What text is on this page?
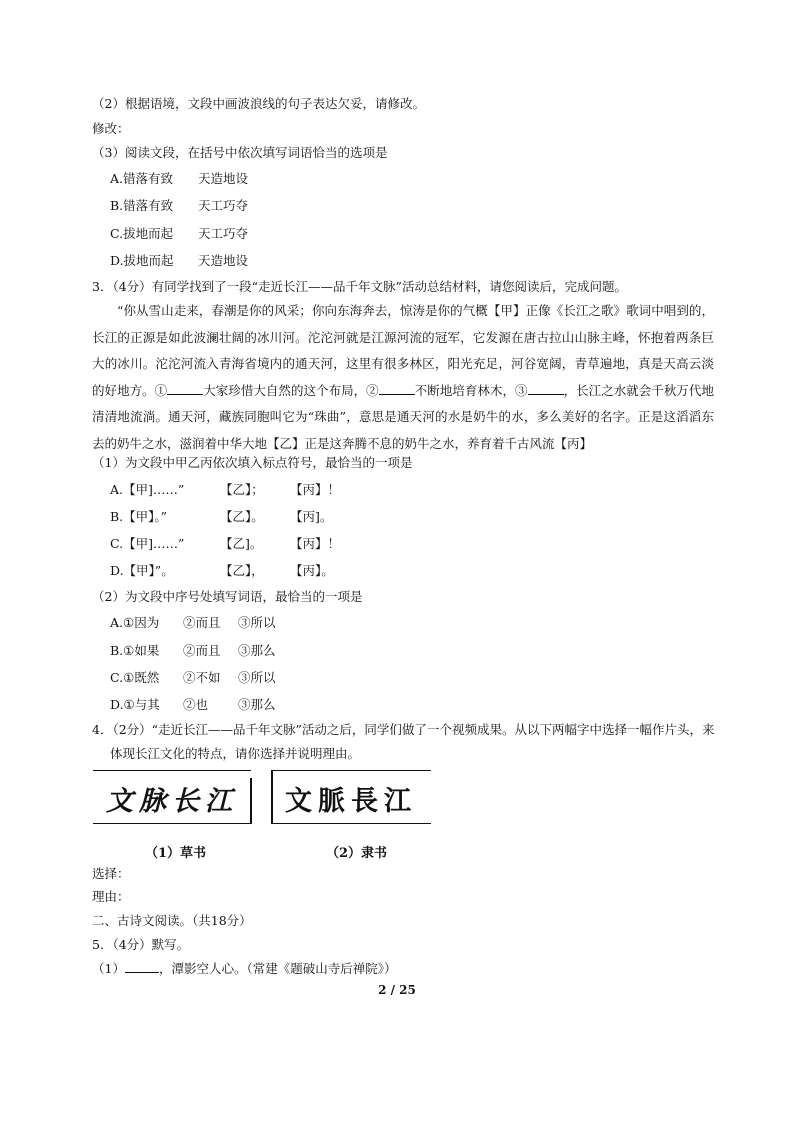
（2）根据语境，文段中画波浪线的句子表达欠妥，请修改。
修改：
（3）阅读文段，在括号中依次填写词语恰当的选项是
A.错落有致 天造地设
B.错落有致 天工巧夺
C.拔地而起 天工巧夺
D.拔地而起 天造地设
3．（4分）有同学找到了一段“走近长江——品千年文脉”活动总结材料，请您阅读后，完成问题。

“你从雪山走来，春潮是你的风采；你向东海奔去，惊涛是你的气概【甲】正像《长江之歌》歌词中唱到的，长江的正源是如此波澜壮阔的冰川河。沱沱河就是江源河流的冠军，它发源在唐古拉山山脉主峰，怀抱着两条巨大的冰川。沱沱河流入青海省境内的通天河，这里有很多林区，阳光充足，河谷宽阔，青草遍地，真是天高云淡的好地方。①	大家珍惜大自然的这个布局，②	不断地培育林木，③	，长江之水就会千秋万代地清清地流淌。通天河，藏族同胞叫它为“珠曲”，意思是通天河的水是奶牛的水，多么美好的名字。正是这滔滔东去的奶牛之水，滋润着中华大地【乙】正是这奔腾不息的奶牛之水，养育着千古风流【丙】

（1）为文段中甲乙丙依次填入标点符号，最恰当的一项是
A.【甲]……”	【乙】； 【丙】！
B.【甲】。”	【乙】。 【丙]。
C.【甲]……”	【乙]。 【丙】！
D.【甲】”。	【乙】， 【丙】。
（2）为文段中序号处填写词语，最恰当的一项是
A.①因为 ②而且 ③所以
B.①如果 ②而且 ③那么
C.①既然 ②不如 ③所以
D.①与其 ②也 ③那么
4．（2分）“走近长江——品千年文脉”活动之后，同学们做了一个视频成果。从以下两幅字中选择一幅作片头，来
体现长江文化的特点，请你选择并说明理由。
文脉长江	文脈長江
（1）草书	（2）隶书
选择：
理由：
二、古诗文阅读。（共18分）
5．（4分）默写。
（1）	，潭影空人心。（常建《题破山寺后禅院》）
2 / 25
